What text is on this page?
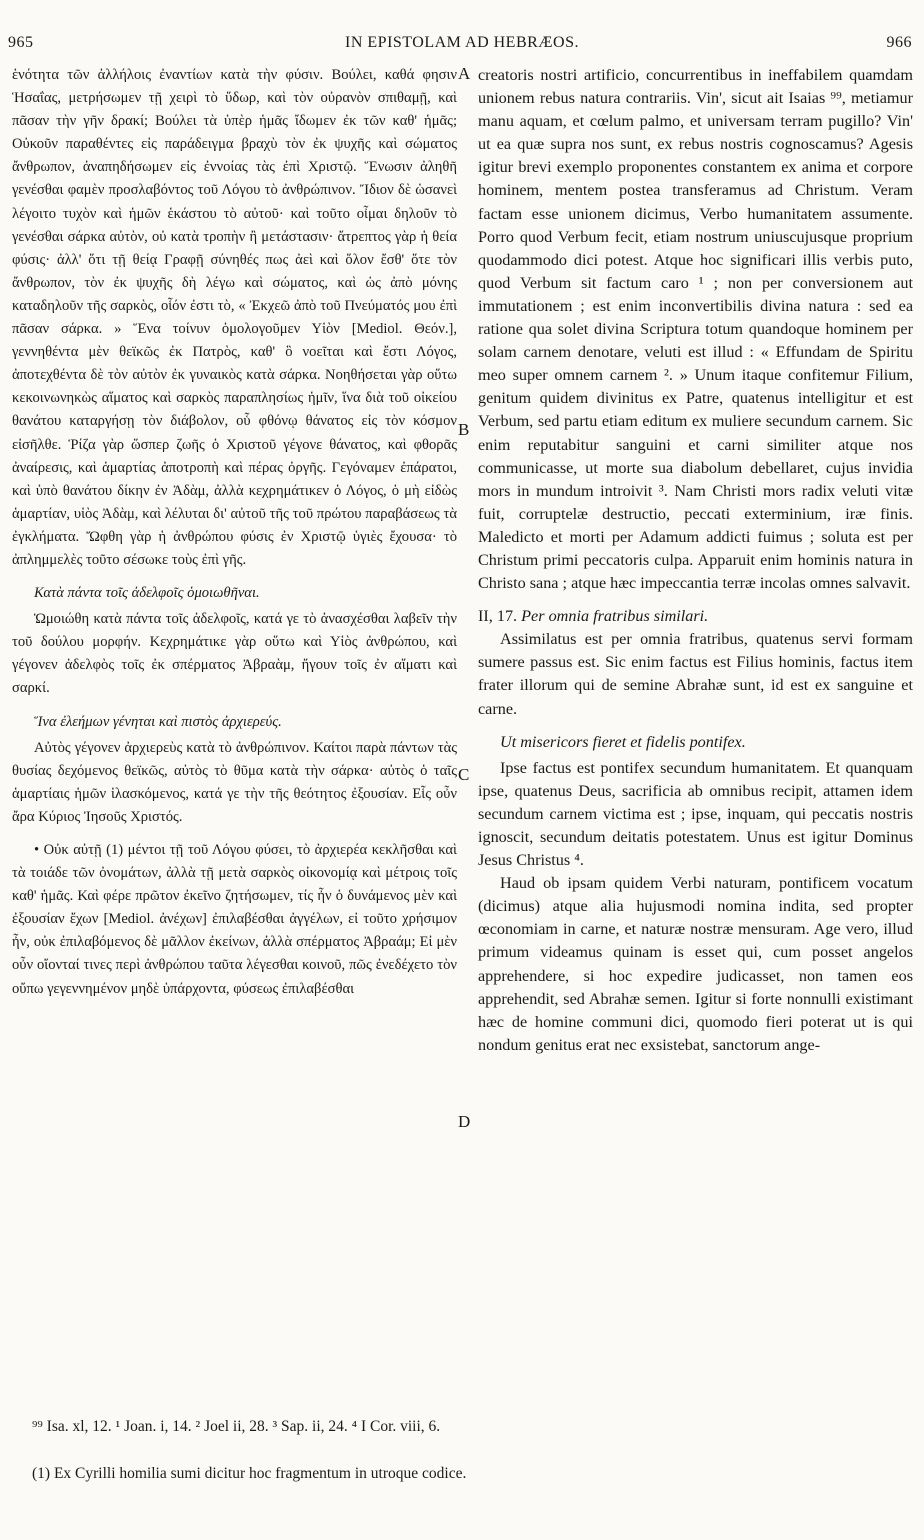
965	IN EPISTOLAM AD HEBRÆOS.	966

ἑνότητα τῶν ἀλλήλοις ἐναντίων κατὰ τὴν φύσιν. Βούλει, καθά φησιν Ἡσαΐας, μετρήσωμεν τῇ χειρὶ τὸ ὕδωρ, καὶ τὸν οὐρανὸν σπιθαμῇ, καὶ πᾶσαν τὴν γῆν δρακί; Βούλει τὰ ὑπὲρ ἡμᾶς ἴδωμεν ἐκ τῶν καθ' ἡμᾶς; Οὐκοῦν παραθέντες εἰς παράδειγμα βραχὺ τὸν ἐκ ψυχῆς καὶ σώματος ἄνθρωπον, ἀναπηδήσωμεν εἰς ἐννοίας τὰς ἐπὶ Χριστῷ. Ἕνωσιν ἀληθῆ γενέσθαι φαμὲν προσλαβόντος τοῦ Λόγου τὸ ἀνθρώπινον. Ἴδιον δὲ ὡσανεὶ λέγοιτο τυχὸν καὶ ἡμῶν ἑκάστου τὸ αὐτοῦ· καὶ τοῦτο οἶμαι δηλοῦν τὸ γενέσθαι σάρκα αὐτὸν, οὐ κατὰ τροπὴν ἢ μετάστασιν· ἄτρεπτος γὰρ ἡ θεία φύσις· ἀλλ' ὅτι τῇ θείᾳ Γραφῇ σύνηθές πως ἀεὶ καὶ ὅλον ἔσθ' ὅτε τὸν ἄνθρωπον, τὸν ἐκ ψυχῆς δὴ λέγω καὶ σώματος, καὶ ὡς ἀπὸ μόνης καταδηλοῦν τῆς σαρκὸς, οἷόν ἐστι τὸ, « Ἐκχεῶ ἀπὸ τοῦ Πνεύματός μου ἐπὶ πᾶσαν σάρκα. » Ἕνα τοίνυν ὁμολογοῦμεν Υἱὸν [Mediol. Θεόν.], γεννηθέντα μὲν θεϊκῶς ἐκ Πατρὸς, καθ' ὃ νοεῖται καὶ ἔστι Λόγος, ἀποτεχθέντα δὲ τὸν αὐτὸν ἐκ γυναικὸς κατὰ σάρκα. Νοηθήσεται γὰρ οὕτω κεκοινωνηκὼς αἵματος καὶ σαρκὸς παραπλησίως ἡμῖν, ἵνα διὰ τοῦ οἰκείου θανάτου καταργήσῃ τὸν διάβολον, οὗ φθόνῳ θάνατος εἰς τὸν κόσμον εἰσῆλθε. Ῥίζα γὰρ ὥσπερ ζωῆς ὁ Χριστοῦ γέγονε θάνατος, καὶ φθορᾶς ἀναίρεσις, καὶ ἁμαρτίας ἀποτροπὴ καὶ πέρας ὀργῆς. Γεγόναμεν ἐπάρατοι, καὶ ὑπὸ θανάτου δίκην ἐν Ἀδὰμ, ἀλλὰ κεχρημάτικεν ὁ Λόγος, ὁ μὴ εἰδὼς ἁμαρτίαν, υἱὸς Ἀδὰμ, καὶ λέλυται δι' αὐτοῦ τῆς τοῦ πρώτου παραβάσεως τὰ ἐγκλήματα. Ὤφθη γὰρ ἡ ἀνθρώπου φύσις ἐν Χριστῷ ὑγιὲς ἔχουσα· τὸ ἀπλημμελὲς τοῦτο σέσωκε τοὺς ἐπὶ γῆς.

Κατὰ πάντα τοῖς ἀδελφοῖς ὁμοιωθῆναι.

Ὡμοιώθη κατὰ πάντα τοῖς ἀδελφοῖς, κατά γε τὸ ἀνασχέσθαι λαβεῖν τὴν τοῦ δούλου μορφήν. Κεχρημάτικε γὰρ οὕτω καὶ Υἱὸς ἀνθρώπου, καὶ γέγονεν ἀδελφὸς τοῖς ἐκ σπέρματος Ἀβραὰμ, ἤγουν τοῖς ἐν αἵματι καὶ σαρκί.

Ἵνα ἐλεήμων γένηται καὶ πιστὸς ἀρχιερεύς.

Αὐτὸς γέγονεν ἀρχιερεὺς κατὰ τὸ ἀνθρώπινον. Καίτοι παρὰ πάντων τὰς θυσίας δεχόμενος θεϊκῶς, αὐτὸς τὸ θῦμα κατὰ τὴν σάρκα· αὐτὸς ὁ ταῖς ἁμαρτίαις ἡμῶν ἱλασκόμενος, κατά γε τὴν τῆς θεότητος ἐξουσίαν. Εἷς οὖν ἄρα Κύριος Ἰησοῦς Χριστός.

• Οὐκ αὐτῇ (1) μέντοι τῇ τοῦ Λόγου φύσει, τὸ ἀρχιερέα κεκλῆσθαι καὶ τὰ τοιάδε τῶν ὀνομάτων, ἀλλὰ τῇ μετὰ σαρκὸς οἰκονομίᾳ καὶ μέτροις τοῖς καθ' ἡμᾶς. Καὶ φέρε πρῶτον ἐκεῖνο ζητήσωμεν, τίς ἦν ὁ δυνάμενος μὲν καὶ ἐξουσίαν ἔχων [Mediol. ἀνέχων] ἐπιλαβέσθαι ἀγγέλων, εἰ τοῦτο χρήσιμον ἦν, οὐκ ἐπιλαβόμενος δὲ μᾶλλον ἐκείνων, ἀλλὰ σπέρματος Ἀβραάμ; Εἰ μὲν οὖν οἴονταί τινες περὶ ἀνθρώπου ταῦτα λέγεσθαι κοινοῦ, πῶς ἐνεδέχετο τὸν οὔπω γεγεννημένον μηδὲ ὑπάρχοντα, φύσεως ἐπιλαβέσθαι

A
B
C
D

creatoris nostri artificio, concurrentibus in ineffabilem quamdam unionem rebus natura contrariis. Vin', sicut ait Isaias ⁹⁹, metiamur manu aquam, et cœlum palmo, et universam terram pugillo? Vin' ut ea quæ supra nos sunt, ex rebus nostris cognoscamus? Agesis igitur brevi exemplo proponentes constantem ex anima et corpore hominem, mentem postea transferamus ad Christum. Veram factam esse unionem dicimus, Verbo humanitatem assumente. Porro quod Verbum fecit, etiam nostrum uniuscujusque proprium quodammodo dici potest. Atque hoc significari illis verbis puto, quod Verbum sit factum caro ¹ ; non per conversionem aut immutationem ; est enim inconvertibilis divina natura : sed ea ratione qua solet divina Scriptura totum quandoque hominem per solam carnem denotare, veluti est illud : « Effundam de Spiritu meo super omnem carnem ². » Unum itaque confitemur Filium, genitum quidem divinitus ex Patre, quatenus intelligitur et est Verbum, sed partu etiam editum ex muliere secundum carnem. Sic enim reputabitur sanguini et carni similiter atque nos communicasse, ut morte sua diabolum debellaret, cujus invidia mors in mundum introivit ³. Nam Christi mors radix veluti vitæ fuit, corruptelæ destructio, peccati exterminium, iræ finis. Maledicto et morti per Adamum addicti fuimus ; soluta est per Christum primi peccatoris culpa. Apparuit enim hominis natura in Christo sana ; atque hæc impeccantia terræ incolas omnes salvavit.

II, 17. Per omnia fratribus similari.

Assimilatus est per omnia fratribus, quatenus servi formam sumere passus est. Sic enim factus est Filius hominis, factus item frater illorum qui de semine Abrahæ sunt, id est ex sanguine et carne.

Ut misericors fieret et fidelis pontifex.

Ipse factus est pontifex secundum humanitatem. Et quanquam ipse, quatenus Deus, sacrificia ab omnibus recipit, attamen idem secundum carnem victima est ; ipse, inquam, qui peccatis nostris ignoscit, secundum deitatis potestatem. Unus est igitur Dominus Jesus Christus ⁴.

Haud ob ipsam quidem Verbi naturam, pontificem vocatum (dicimus) atque alia hujusmodi nomina indita, sed propter œconomiam in carne, et naturæ nostræ mensuram. Age vero, illud primum videamus quinam is esset qui, cum posset angelos apprehendere, si hoc expedire judicasset, non tamen eos apprehendit, sed Abrahæ semen. Igitur si forte nonnulli existimant hæc de homine communi dici, quomodo fieri poterat ut is qui nondum genitus erat nec exsistebat, sanctorum ange-

⁹⁹ Isa. xl, 12. ¹ Joan. i, 14. ² Joel ii, 28. ³ Sap. ii, 24. ⁴ I Cor. viii, 6.
(1) Ex Cyrilli homilia sumi dicitur hoc fragmentum in utroque codice.
